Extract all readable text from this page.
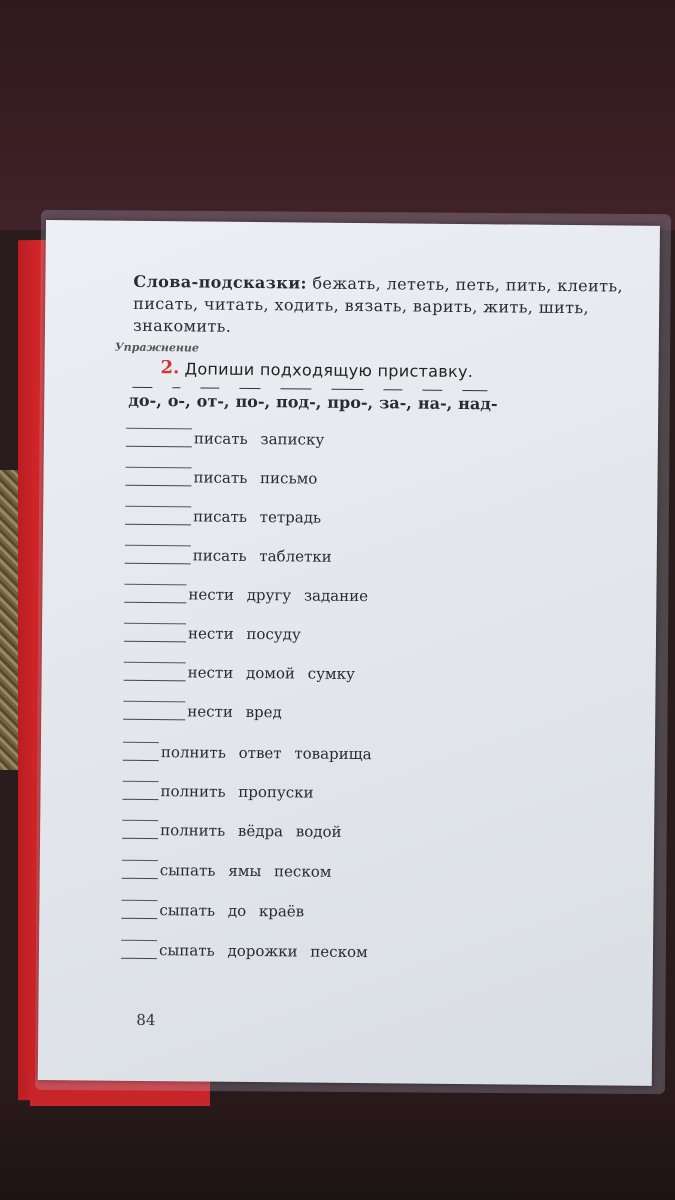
Слова-подсказки: бежать, лететь, петь, пить, клеить, писать, читать, ходить, вязать, варить, жить, шить, знакомить.
Упражнение
2. Допиши подходящую приставку.
до-, о-, от-, по-, под-, про-, за-, на-, над-
писать записку
писать письмо
писать тетрадь
писать таблетки
нести другу задание
нести посуду
нести домой сумку
нести вред
полнить ответ товарища
полнить пропуски
полнить вёдра водой
сыпать ямы песком
сыпать до краёв
сыпать дорожки песком
84
